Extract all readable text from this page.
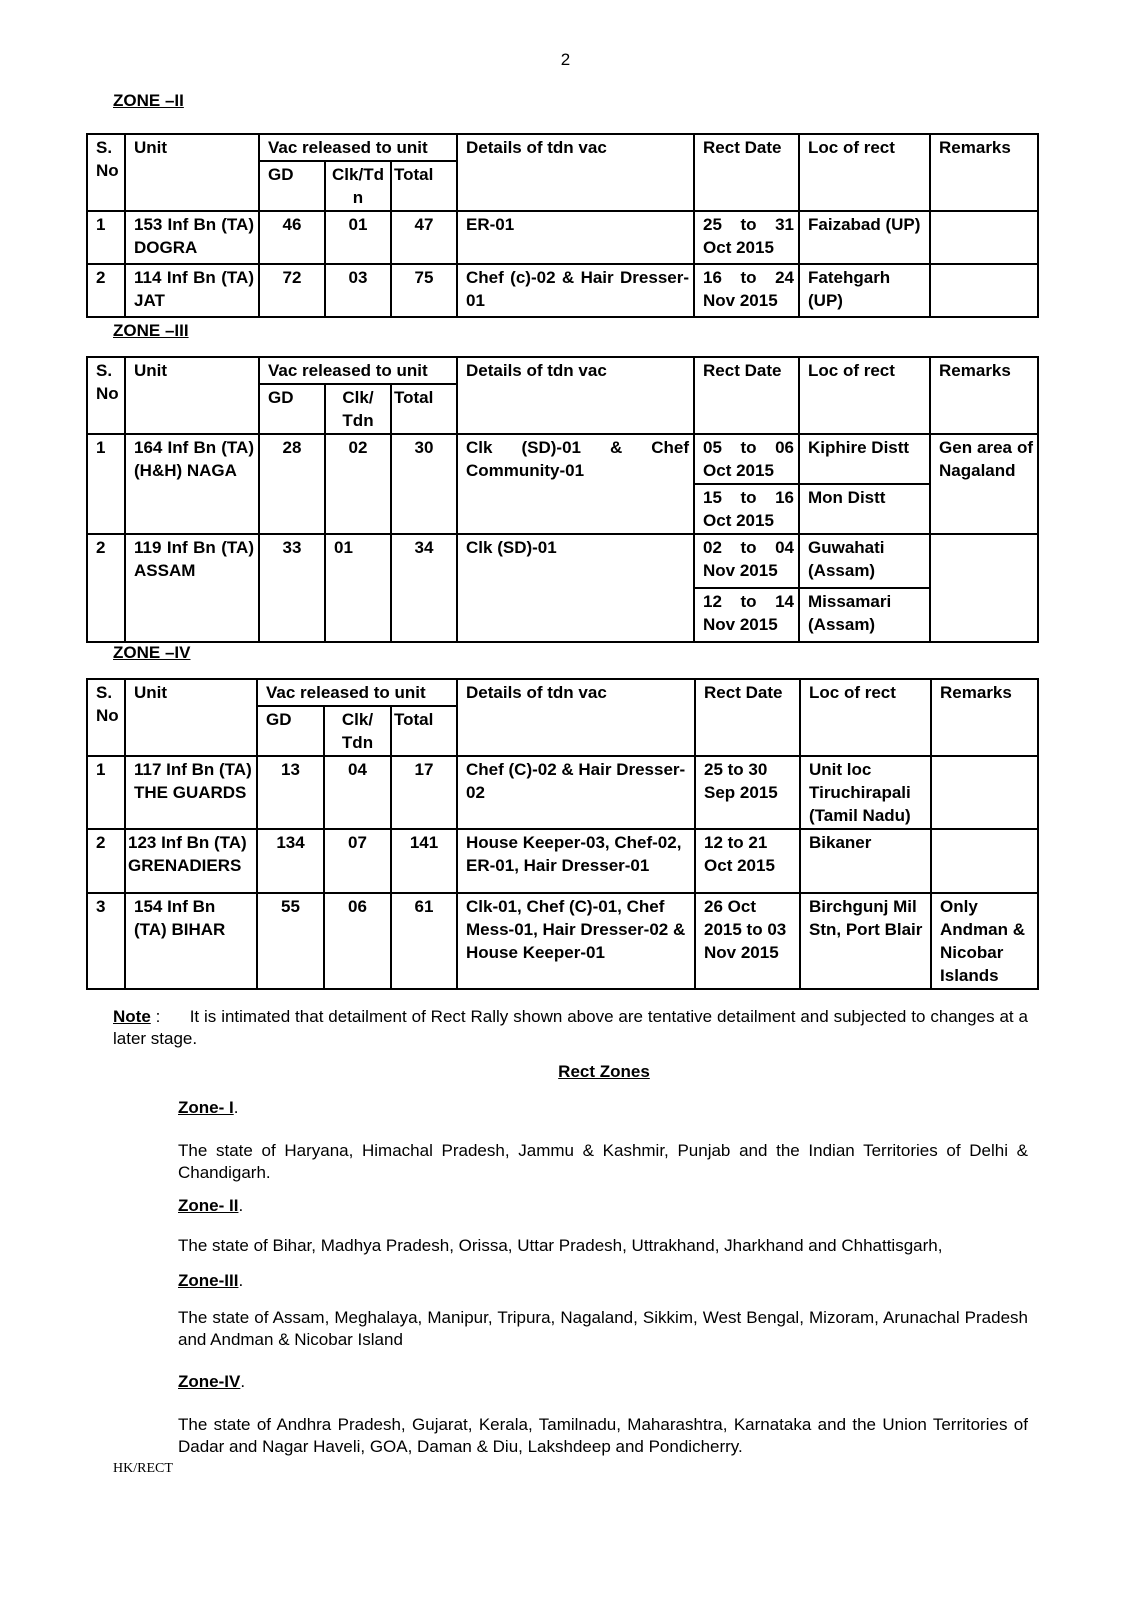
2
ZONE –II
S. No	Unit	Vac released to unit			Details of tdn vac	Rect Date	Loc of rect	Remarks
		GD	Clk/Tdn	Total				
1	153 Inf Bn (TA) DOGRA	46	01	47	ER-01	25 to 31 Oct 2015	Faizabad (UP)	
2	114 Inf Bn (TA) JAT	72	03	75	Chef (c)-02 & Hair Dresser-01	16 to 24 Nov 2015	Fatehgarh (UP)	
ZONE –III
S. No	Unit	Vac released to unit			Details of tdn vac	Rect Date	Loc of rect	Remarks
		GD	Clk/ Tdn	Total				
1	164 Inf Bn (TA) (H&H) NAGA	28	02	30	Clk (SD)-01 & Chef Community-01	05 to 06 Oct 2015	Kiphire Distt	Gen area of Nagaland
						15 to 16 Oct 2015	Mon Distt	
2	119 Inf Bn (TA) ASSAM	33	01	34	Clk (SD)-01	02 to 04 Nov 2015	Guwahati (Assam)	
						12 to 14 Nov 2015	Missamari (Assam)	
ZONE –IV
S. No	Unit	Vac released to unit			Details of tdn vac	Rect Date	Loc of rect	Remarks
		GD	Clk/ Tdn	Total				
1	117 Inf Bn (TA) THE GUARDS	13	04	17	Chef (C)-02 & Hair Dresser-02	25 to 30 Sep 2015	Unit loc Tiruchirapali (Tamil Nadu)	
2	123 Inf Bn (TA) GRENADIERS	134	07	141	House Keeper-03, Chef-02, ER-01, Hair Dresser-01	12 to 21 Oct 2015	Bikaner	
3	154 Inf Bn (TA) BIHAR	55	06	61	Clk-01, Chef (C)-01, Chef Mess-01, Hair Dresser-02 & House Keeper-01	26 Oct 2015 to 03 Nov 2015	Birchgunj Mil Stn, Port Blair	Only Andman & Nicobar Islands
Note :      It is intimated that detailment of Rect Rally shown above are tentative detailment and subjected to changes at a later stage.
Rect Zones
Zone- I.
The state of Haryana, Himachal Pradesh, Jammu & Kashmir, Punjab and the Indian Territories of Delhi & Chandigarh.
Zone- II.
The state of Bihar, Madhya Pradesh, Orissa, Uttar Pradesh, Uttrakhand, Jharkhand and Chhattisgarh,
Zone-III.
The state of Assam, Meghalaya, Manipur, Tripura, Nagaland, Sikkim, West Bengal, Mizoram, Arunachal Pradesh and Andman & Nicobar Island
Zone-IV.
The state of Andhra Pradesh, Gujarat, Kerala, Tamilnadu, Maharashtra, Karnataka and the Union Territories of Dadar and Nagar Haveli, GOA, Daman & Diu, Lakshdeep and Pondicherry.
HK/RECT
